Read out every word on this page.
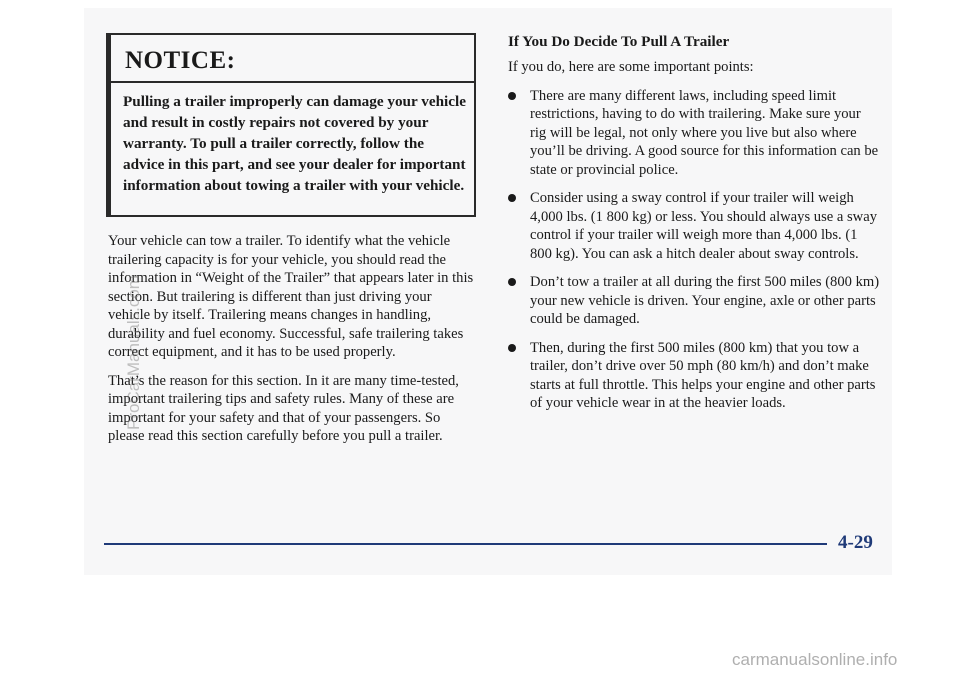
NOTICE:

Pulling a trailer improperly can damage your vehicle and result in costly repairs not covered by your warranty. To pull a trailer correctly, follow the advice in this part, and see your dealer for important information about towing a trailer with your vehicle.

Your vehicle can tow a trailer. To identify what the vehicle trailering capacity is for your vehicle, you should read the information in “Weight of the Trailer” that appears later in this section. But trailering is different than just driving your vehicle by itself. Trailering means changes in handling, durability and fuel economy. Successful, safe trailering takes correct equipment, and it has to be used properly.

That’s the reason for this section. In it are many time-tested, important trailering tips and safety rules. Many of these are important for your safety and that of your passengers. So please read this section carefully before you pull a trailer.

If You Do Decide To Pull A Trailer

If you do, here are some important points:

There are many different laws, including speed limit restrictions, having to do with trailering. Make sure your rig will be legal, not only where you live but also where you’ll be driving. A good source for this information can be state or provincial police.
Consider using a sway control if your trailer will weigh 4,000 lbs. (1 800 kg) or less. You should always use a sway control if your trailer will weigh more than 4,000 lbs. (1 800 kg). You can ask a hitch dealer about sway controls.
Don’t tow a trailer at all during the first 500 miles (800 km) your new vehicle is driven. Your engine, axle or other parts could be damaged.
Then, during the first 500 miles (800 km) that you tow a trailer, don’t drive over 50 mph (80 km/h) and don’t make starts at full throttle. This helps your engine and other parts of your vehicle wear in at the heavier loads.

4-29

ProCarManuals.com
carmanualsonline.info
